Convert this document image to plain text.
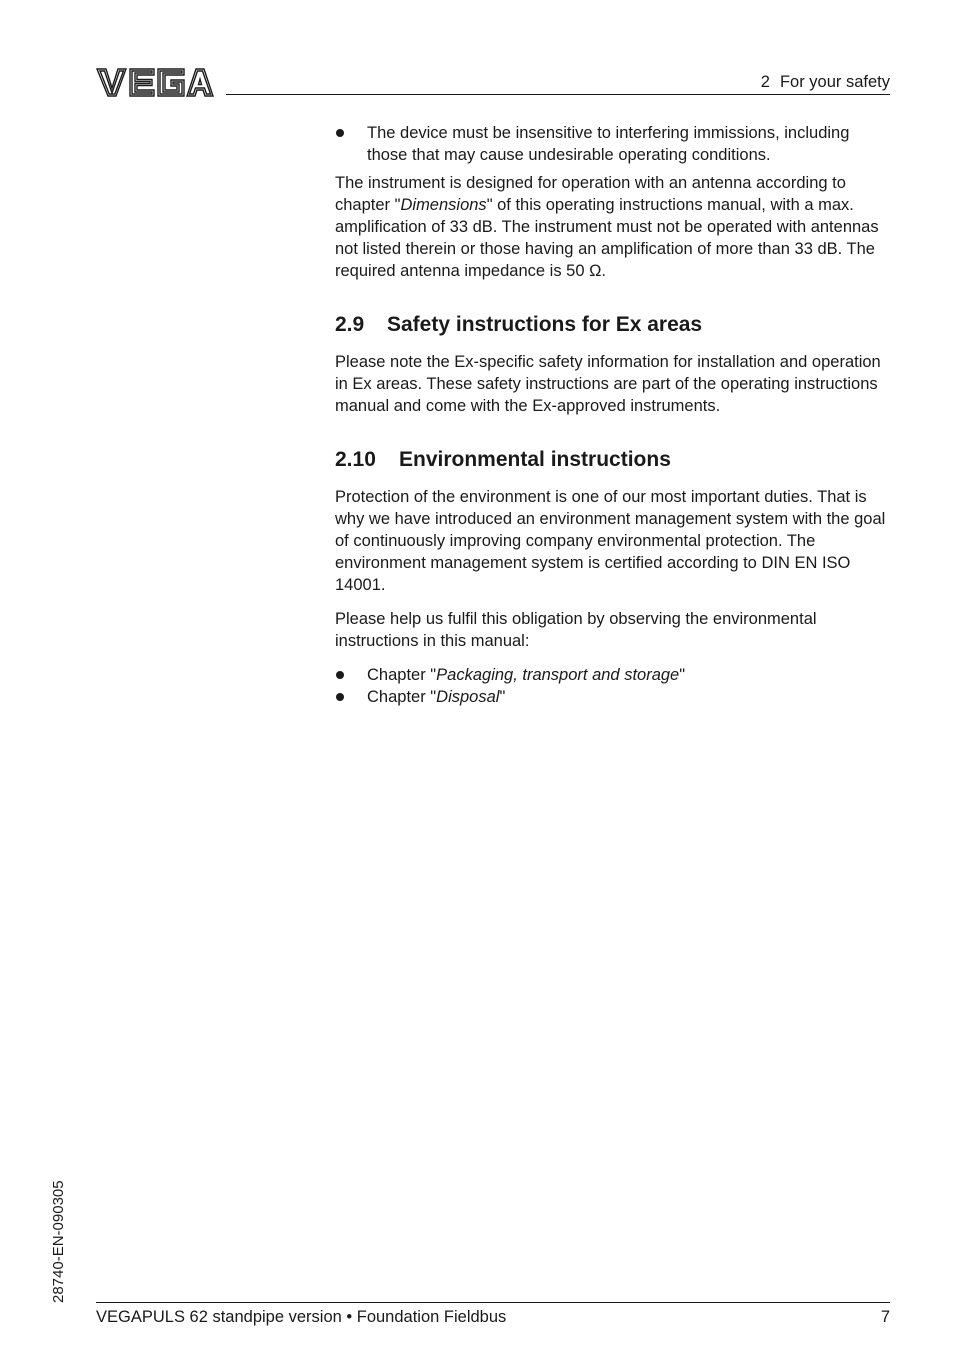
2 For your safety
The device must be insensitive to interfering immissions, including those that may cause undesirable operating conditions.

The instrument is designed for operation with an antenna according to chapter "Dimensions" of this operating instructions manual, with a max. amplification of 33 dB. The instrument must not be operated with antennas not listed therein or those having an amplification of more than 33 dB. The required antenna impedance is 50 Ω.

2.9 Safety instructions for Ex areas

Please note the Ex-specific safety information for installation and operation in Ex areas. These safety instructions are part of the operating instructions manual and come with the Ex-approved instruments.

2.10 Environmental instructions

Protection of the environment is one of our most important duties. That is why we have introduced an environment management system with the goal of continuously improving company environmental protection. The environment management system is certified according to DIN EN ISO 14001.

Please help us fulfil this obligation by observing the environmental instructions in this manual:

Chapter "Packaging, transport and storage"
Chapter "Disposal"
28740-EN-090305
VEGAPULS 62 standpipe version • Foundation Fieldbus	7
